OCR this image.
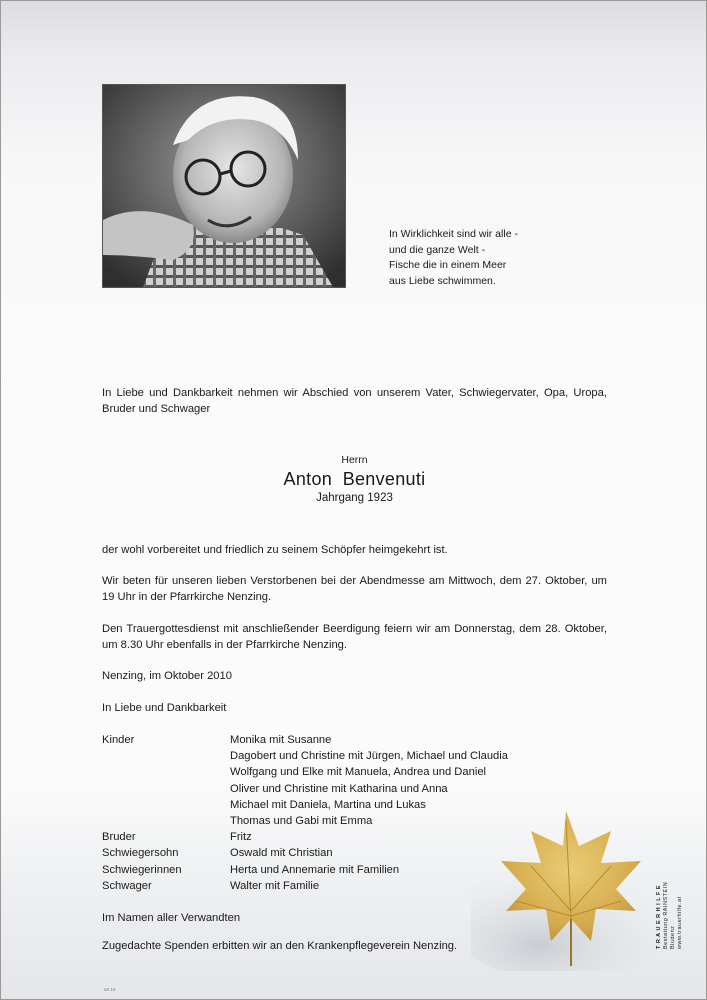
In Wirklichkeit sind wir alle -
und die ganze Welt -
Fische die in einem Meer
aus Liebe schwimmen.
In Liebe und Dankbarkeit nehmen wir Abschied von unserem Vater, Schwiegervater, Opa, Uropa, Bruder und Schwager
Herrn
Anton  Benvenuti
Jahrgang 1923
der wohl vorbereitet und friedlich zu seinem Schöpfer heimgekehrt ist.
Wir beten für unseren lieben Verstorbenen bei der Abendmesse am Mittwoch, dem 27. Oktober, um 19 Uhr in der Pfarrkirche Nenzing.
Den Trauergottesdienst mit anschließender Beerdigung feiern wir am Donnerstag, dem 28. Oktober, um 8.30 Uhr ebenfalls in der Pfarrkirche Nenzing.
Nenzing, im Oktober 2010
In Liebe und Dankbarkeit
Kinder

Bruder
Schwiegersohn
Schwiegerinnen
Schwager
Monika mit Susanne
Dagobert und Christine mit Jürgen, Michael und Claudia
Wolfgang und Elke mit Manuela, Andrea und Daniel
Oliver und Christine mit Katharina und Anna
Michael mit Daniela, Martina und Lukas
Thomas und Gabi mit Emma
Fritz
Oswald mit Christian
Herta und Annemarie mit Familien
Walter mit Familie
Im Namen aller Verwandten
Zugedachte Spenden erbitten wir an den Krankenpflegeverein Nenzing.	T R A U E R H I L F E Bestattung RAINSTEIN Bludenz www.trauerhilfe.at
art 19
